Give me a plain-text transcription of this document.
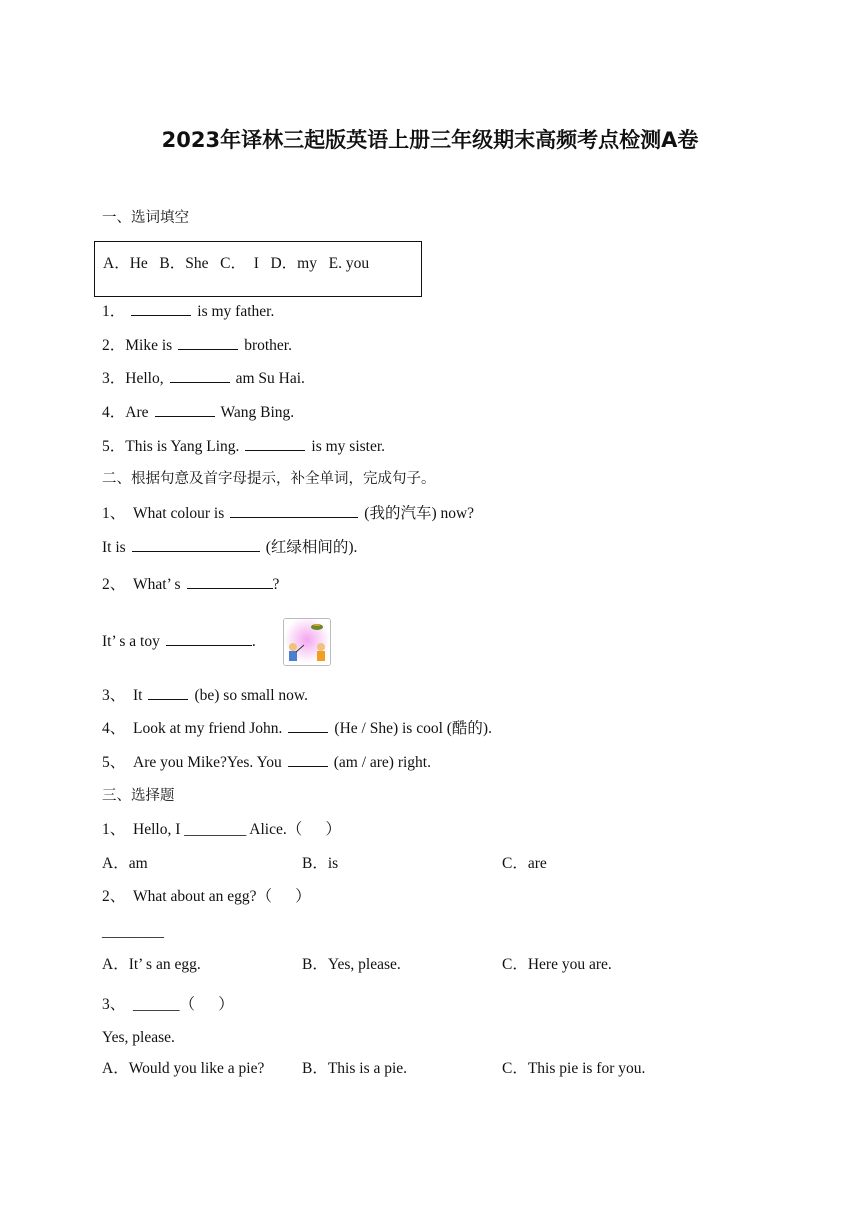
2023年译林三起版英语上册三年级期末高频考点检测A卷
一、选词填空
A．He   B．She   C．  I   D．my   E. you
1．	is my father.
2．Mike is	brother.
3．Hello,	am Su Hai.
4．Are	Wang Bing.
5．This is Yang Ling.	is my sister.
二、根据句意及首字母提示，补全单词，完成句子。
1、 What colour is	(我的汽车) now?
It is	(红绿相间的).
2、 What’ s	?
It’ s a toy	.
3、 It	(be) so small now.
4、 Look at my friend John.	(He / She) is cool (酷的).
5、 Are you Mike?Yes. You	(am / are) right.
三、选择题
1、 Hello, I ________ Alice.（      ）
A．am	B．is	C．are
2、 What about an egg?（      ）
________
A．It’ s an egg.	B．Yes, please.	C．Here you are.
3、 ______（      ）
Yes, please.
A．Would you like a pie? B．This is a pie.	C．This pie is for you.
